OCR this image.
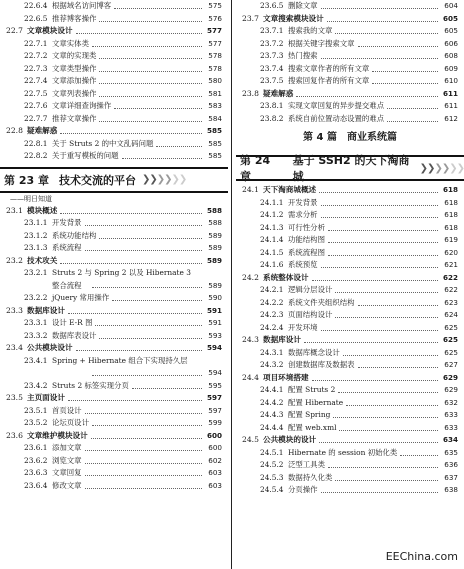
22.6.4 根据域名访问博客	575
22.6.5 推荐博客操作	576
22.7 文章模块设计	577
22.7.1 文章实体类	577
22.7.2 文章的实现类	578
22.7.3 文章类型操作	578
22.7.4 文章添加操作	580
22.7.5 文章列表操作	581
22.7.6 文章详细查询操作	583
22.7.7 推荐文章操作	584
22.8 疑难解惑	585
22.8.1 关于 Struts 2 的中文乱码问题	585
22.8.2 关于重写模板的问题	585
第 23 章 技术交流的平台 ❯❯❯❯❯❯
——明日知道
23.1 模块概述	588
23.1.1 开发背景	588
23.1.2 系统功能结构	589
23.1.3 系统流程	589
23.2 技术攻关	589
23.2.1 Struts 2 与 Spring 2 以及 Hibernate 3 整合流程	589
23.2.2 jQuery 常用操作	590
23.3 数据库设计	591
23.3.1 设计 E-R 图	591
23.3.2 数据库表设计	593
23.4 公共模块设计	594
23.4.1 Spring + Hibernate 组合下实现持久层
594
23.4.2 Struts 2 标签实现分页	595
23.5 主页面设计	597
23.5.1 首页设计	597
23.5.2 论坛页设计	599
23.6 文章维护模块设计	600
23.6.1 添加文章	600
23.6.2 浏览文章	602
23.6.3 文章回复	603
23.6.4 修改文章	603
23.6.5 删除文章	604
23.7 文章搜索模块设计	605
23.7.1 搜索我的文章	605
23.7.2 根据关键字搜索文章	606
23.7.3 热门搜索	608
23.7.4 搜索文章作者的所有文章	609
23.7.5 搜索回复作者的所有文章	610
23.8 疑难解惑	611
23.8.1 实现文章回复的异步提交难点	611
23.8.2 系统自前位置动态设置的难点	612
第 4 篇　商业系统篇
第 24 章
基于 SSH2 的天下淘商城
❯❯❯❯❯❯
24.1 天下淘商城概述	618
24.1.1 开发背景	618
24.1.2 需求分析	618
24.1.3 可行性分析	618
24.1.4 功能结构图	619
24.1.5 系统流程图	620
24.1.6 系统预览	621
24.2 系统整体设计	622
24.2.1 逻辑分层设计	622
24.2.2 系统文件夹组织结构	623
24.2.3 页面结构设计	624
24.2.4 开发环境	625
24.3 数据库设计	625
24.3.1 数据库概念设计	625
24.3.2 创建数据库及数据表	627
24.4 项目环境搭建	629
24.4.1 配置 Struts 2	629
24.4.2 配置 Hibernate	632
24.4.3 配置 Spring	633
24.4.4 配置 web.xml	633
24.5 公共模块的设计	634
24.5.1 Hibernate 的 session 初始化类	635
24.5.2 泛型工具类	636
24.5.3 数据持久化类	637
24.5.4 分页操作	638
EEChina.com
